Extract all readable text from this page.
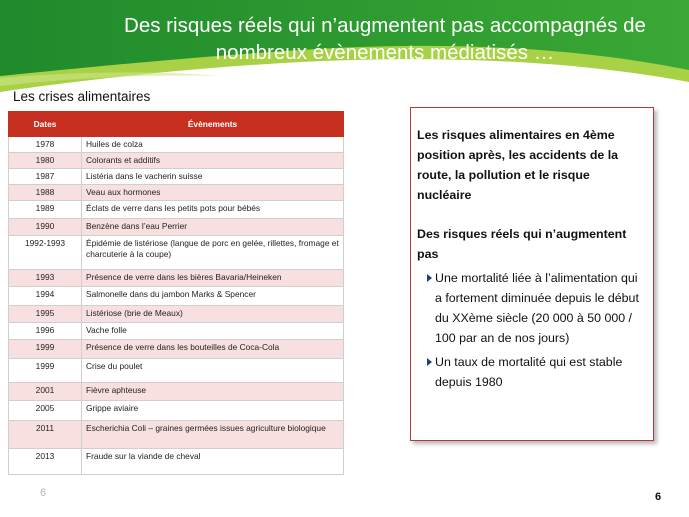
Des risques réels qui n’augmentent pas accompagnés de
nombreux évènements médiatisés …
Les crises alimentaires
Dates	Évènements
1978	Huiles de colza
1980	Colorants et additifs
1987	Listéria dans le vacherin suisse
1988	Veau aux hormones
1989	Éclats de verre dans les petits pots pour bébés
1990	Benzène dans l’eau Perrier
1992-1993	Épidémie de listériose (langue de porc en gelée, rillettes, fromage et charcuterie à la coupe)
1993	Présence de verre dans les bières Bavaria/Heineken
1994	Salmonelle dans du jambon Marks & Spencer
1995	Listériose (brie de Meaux)
1996	Vache folle
1999	Présence de verre dans les bouteilles de Coca-Cola
1999	Crise du poulet
2001	Fièvre aphteuse
2005	Grippe aviaire
2011	Escherichia Coli – graines germées issues agriculture biologique
2013	Fraude sur la viande de cheval

Les risques alimentaires en 4ème position après, les accidents de la route, la pollution et le risque nucléaire

Des risques réels qui n’augmentent pas

Une mortalité liée à l’alimentation qui a fortement diminuée depuis le début du XXème siècle (20 000 à 50 000 / 100 par an de nos jours)
Un taux de mortalité qui est stable depuis 1980
6	6
